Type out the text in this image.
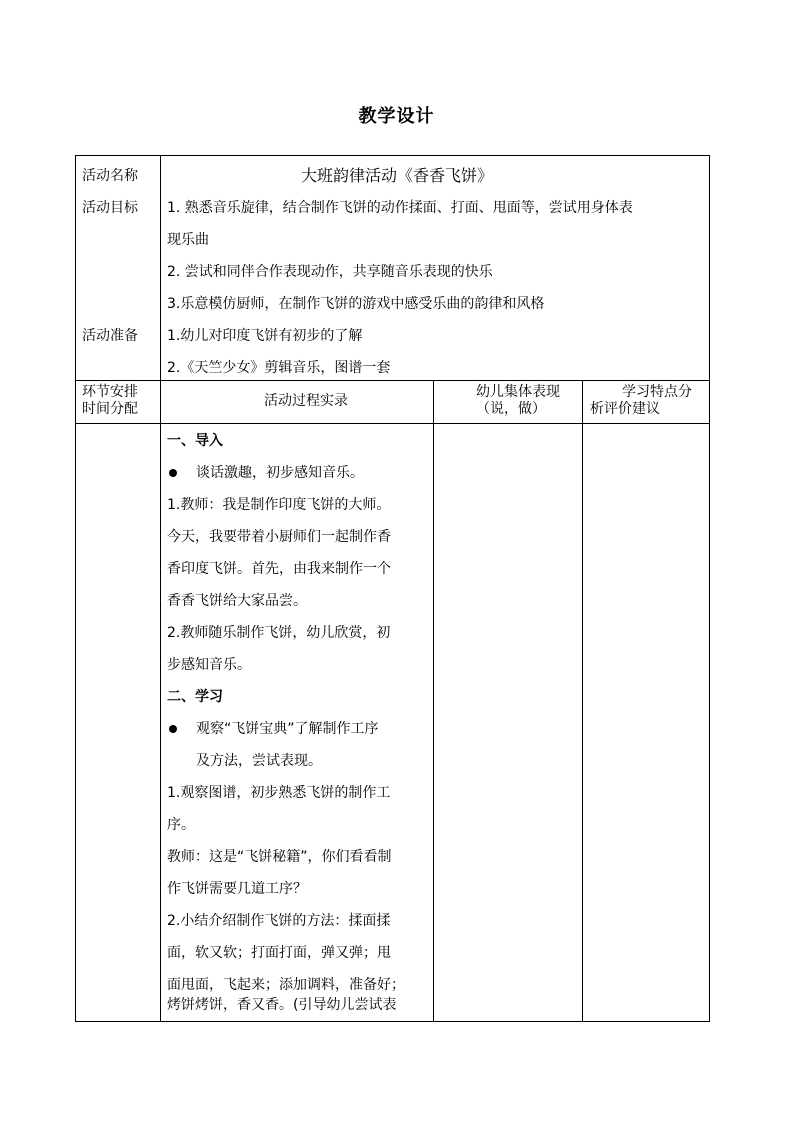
教学设计
活动名称	大班韵律活动《香香飞饼》
活动目标 1. 熟悉音乐旋律，结合制作飞饼的动作揉面、打面、甩面等，尝试用身体表
现乐曲
2. 尝试和同伴合作表现动作，共享随音乐表现的快乐
3.乐意模仿厨师，在制作飞饼的游戏中感受乐曲的韵律和风格
活动准备 1.幼儿对印度飞饼有初步的了解
2.《天竺少女》剪辑音乐，图谱一套
环节安排
时间分配	活动过程实录
幼儿集体表现
（说，做）
学习特点分
析评价建议
一、导入
谈话激趣，初步感知音乐。
1.教师：我是制作印度飞饼的大师。
今天，我要带着小厨师们一起制作香
香印度飞饼。首先，由我来制作一个
香香飞饼给大家品尝。
2.教师随乐制作飞饼，幼儿欣赏，初
步感知音乐。
二、学习
观察“飞饼宝典”了解制作工序
及方法，尝试表现。
1.观察图谱，初步熟悉飞饼的制作工
序。
教师：这是“飞饼秘籍”，你们看看制
作飞饼需要几道工序？
2.小结介绍制作飞饼的方法：揉面揉
面，软又软；打面打面，弹又弹；甩
面甩面，飞起来；添加调料，准备好；
烤饼烤饼，香又香。(引导幼儿尝试表
